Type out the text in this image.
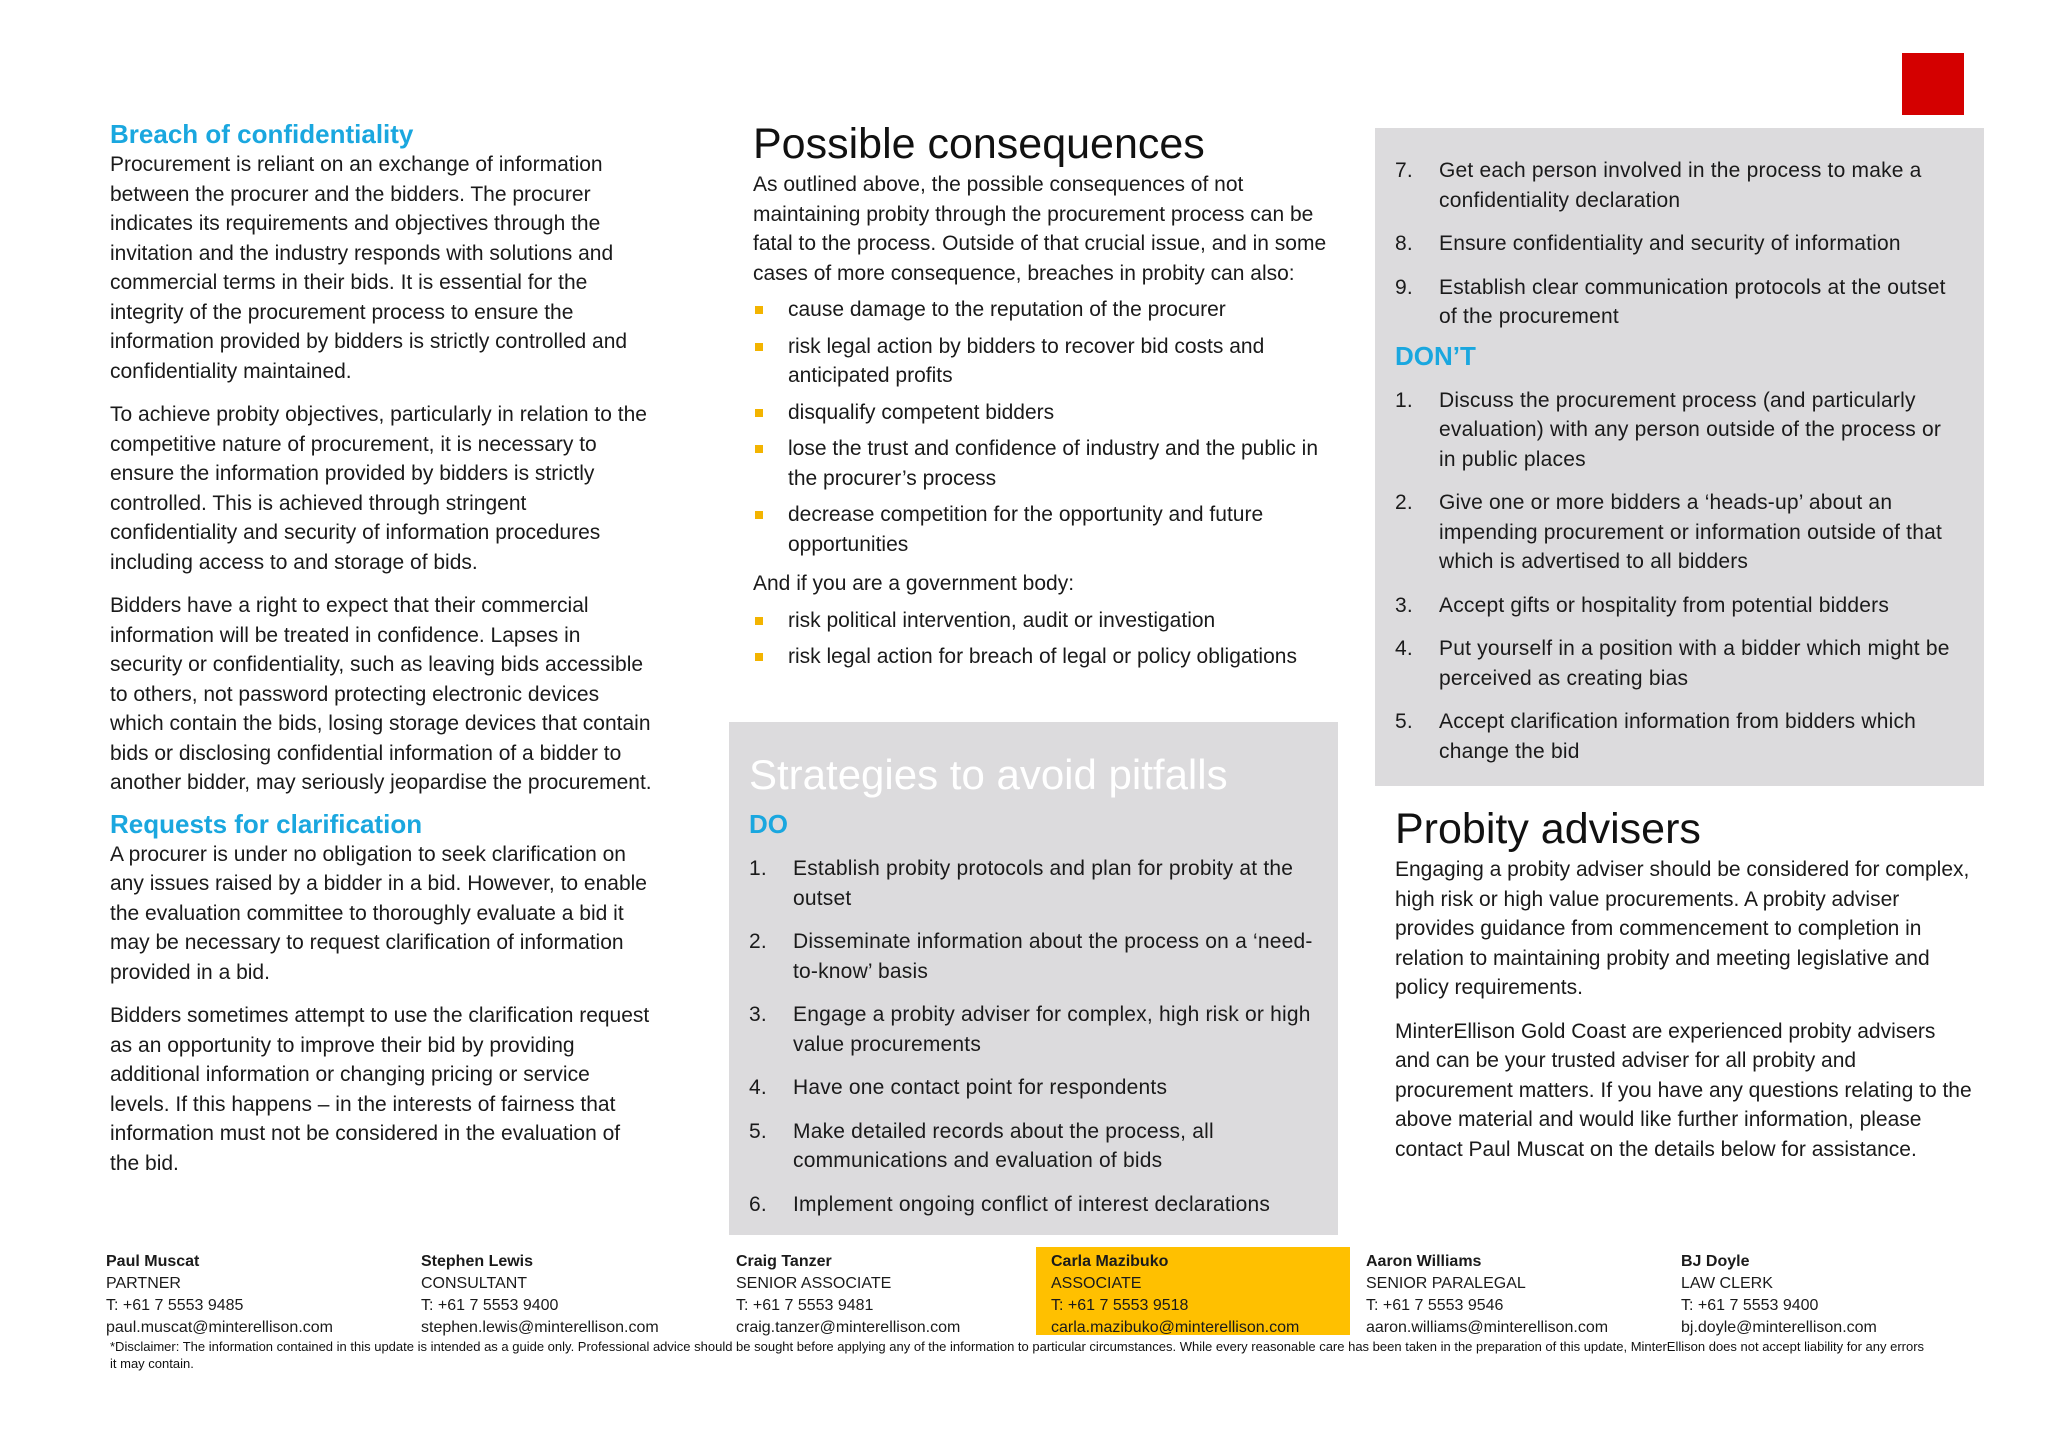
Breach of confidentiality

Procurement is reliant on an exchange of information between the procurer and the bidders. The procurer indicates its requirements and objectives through the invitation and the industry responds with solutions and commercial terms in their bids. It is essential for the integrity of the procurement process to ensure the information provided by bidders is strictly controlled and confidentiality maintained.

To achieve probity objectives, particularly in relation to the competitive nature of procurement, it is necessary to ensure the information provided by bidders is strictly controlled. This is achieved through stringent confidentiality and security of information procedures including access to and storage of bids.

Bidders have a right to expect that their commercial information will be treated in confidence. Lapses in security or confidentiality, such as leaving bids accessible to others, not password protecting electronic devices which contain the bids, losing storage devices that contain bids or disclosing confidential information of a bidder to another bidder, may seriously jeopardise the procurement.

Requests for clarification

A procurer is under no obligation to seek clarification on any issues raised by a bidder in a bid. However, to enable the evaluation committee to thoroughly evaluate a bid it may be necessary to request clarification of information provided in a bid.

Bidders sometimes attempt to use the clarification request as an opportunity to improve their bid by providing additional information or changing pricing or service levels. If this happens – in the interests of fairness that information must not be considered in the evaluation of the bid.

Possible consequences

As outlined above, the possible consequences of not maintaining probity through the procurement process can be fatal to the process. Outside of that crucial issue, and in some cases of more consequence, breaches in probity can also:

cause damage to the reputation of the procurer
risk legal action by bidders to recover bid costs and anticipated profits
disqualify competent bidders
lose the trust and confidence of industry and the public in the procurer’s process
decrease competition for the opportunity and future opportunities

And if you are a government body:

risk political intervention, audit or investigation
risk legal action for breach of legal or policy obligations
Strategies to avoid pitfalls
DO
1.	Establish probity protocols and plan for probity at the outset
2.	Disseminate information about the process on a ‘need-to-know’ basis
3.	Engage a probity adviser for complex, high risk or high value procurements
4.	Have one contact point for respondents
5.	Make detailed records about the process, all communications and evaluation of bids
6.	Implement ongoing conflict of interest declarations
7.	Get each person involved in the process to make a confidentiality declaration
8.	Ensure confidentiality and security of information
9.	Establish clear communication protocols at the outset of the procurement
DON’T
1.	Discuss the procurement process (and particularly evaluation) with any person outside of the process or in public places
2.	Give one or more bidders a ‘heads-up’ about an impending procurement or information outside of that which is advertised to all bidders
3.	Accept gifts or hospitality from potential bidders
4.	Put yourself in a position with a bidder which might be perceived as creating bias
5.	Accept clarification information from bidders which change the bid
Probity advisers

Engaging a probity adviser should be considered for complex, high risk or high value procurements. A probity adviser provides guidance from commencement to completion in relation to maintaining probity and meeting legislative and policy requirements.

MinterEllison Gold Coast are experienced probity advisers and can be your trusted adviser for all probity and procurement matters. If you have any questions relating to the above material and would like further information, please contact Paul Muscat on the details below for assistance.

Paul Muscat
PARTNER
T: +61 7 5553 9485
paul.muscat@minterellison.com
Stephen Lewis
CONSULTANT
T: +61 7 5553 9400
stephen.lewis@minterellison.com
Craig Tanzer
SENIOR ASSOCIATE
T: +61 7 5553 9481
craig.tanzer@minterellison.com
Carla Mazibuko
ASSOCIATE
T: +61 7 5553 9518
carla.mazibuko@minterellison.com
Aaron Williams
SENIOR PARALEGAL
T: +61 7 5553 9546
aaron.williams@minterellison.com
BJ Doyle
LAW CLERK
T: +61 7 5553 9400
bj.doyle@minterellison.com
*Disclaimer: The information contained in this update is intended as a guide only. Professional advice should be sought before applying any of the information to particular circumstances. While every reasonable care has been taken in the preparation of this update, MinterEllison does not accept liability for any errors it may contain.
